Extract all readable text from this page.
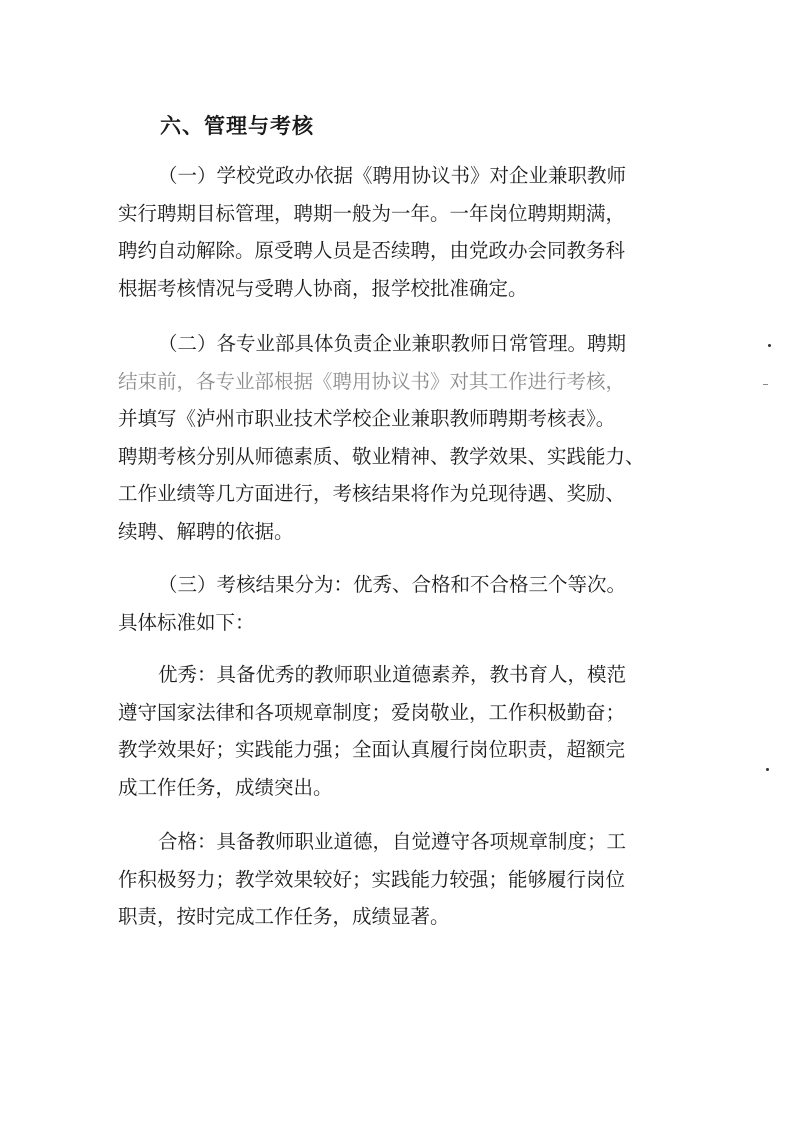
六、管理与考核
（一）学校党政办依据《聘用协议书》对企业兼职教师
实行聘期目标管理，聘期一般为一年。一年岗位聘期期满，
聘约自动解除。原受聘人员是否续聘，由党政办会同教务科
根据考核情况与受聘人协商，报学校批准确定。
（二）各专业部具体负责企业兼职教师日常管理。聘期
结束前，各专业部根据《聘用协议书》对其工作进行考核，
并填写《泸州市职业技术学校企业兼职教师聘期考核表》。
聘期考核分别从师德素质、敬业精神、教学效果、实践能力、
工作业绩等几方面进行，考核结果将作为兑现待遇、奖励、
续聘、解聘的依据。
（三）考核结果分为：优秀、合格和不合格三个等次。
具体标准如下：
优秀：具备优秀的教师职业道德素养，教书育人，模范
遵守国家法律和各项规章制度；爱岗敬业，工作积极勤奋；
教学效果好；实践能力强；全面认真履行岗位职责，超额完
成工作任务，成绩突出。
合格：具备教师职业道德，自觉遵守各项规章制度；工
作积极努力；教学效果较好；实践能力较强；能够履行岗位
职责，按时完成工作任务，成绩显著。
